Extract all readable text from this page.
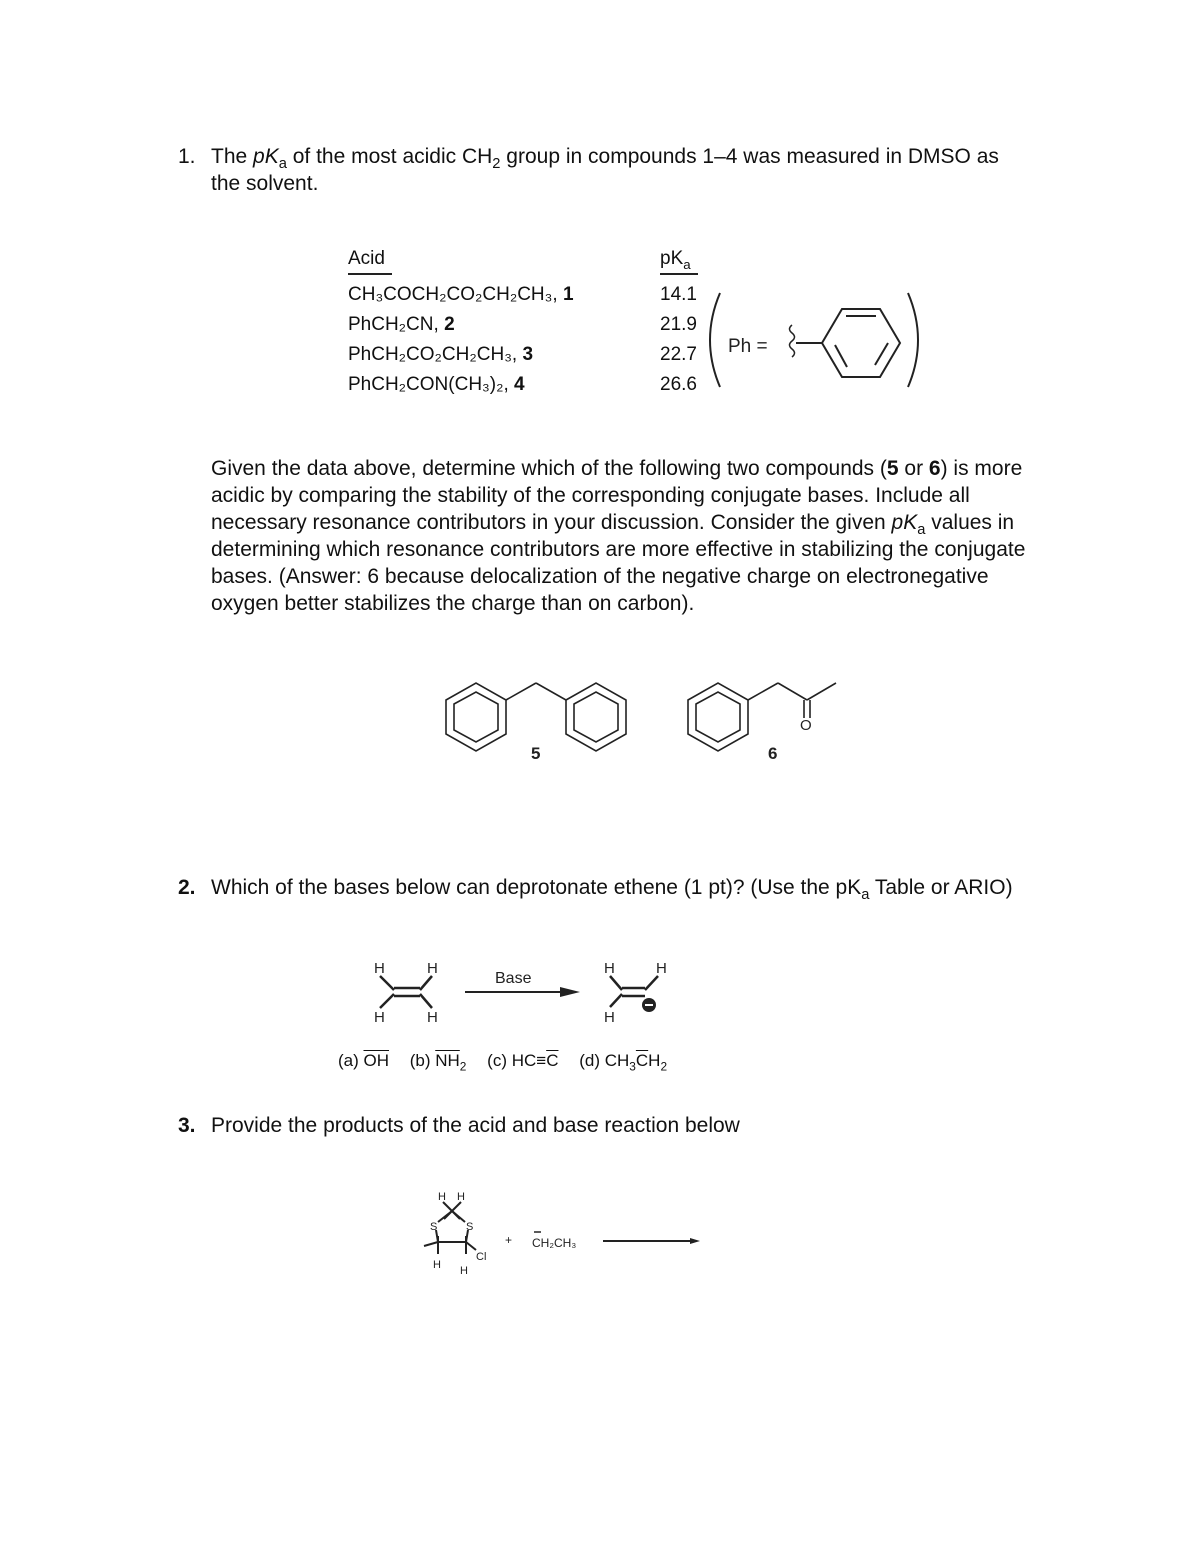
1. The $pK_a$ of the most acidic $CH_2$ group in compounds 1–4 was measured in DMSO as the solvent.
Acid	$pK_a$
CH₃COCH₂CO₂CH₂CH₃, 1	14.1
PhCH₂CN, 2	21.9
PhCH₂CO₂CH₂CH₃, 3	22.7
PhCH₂CON(CH₃)₂, 4	26.6
Ph =
Given the data above, determine which of the following two compounds (5 or 6) is more acidic by comparing the stability of the corresponding conjugate bases. Include all necessary resonance contributors in your discussion. Consider the given $pK_a$ values in determining which resonance contributors are more effective in stabilizing the conjugate bases. (Answer: 6 because delocalization of the negative charge on electronegative oxygen better stabilizes the charge than on carbon).
5
O
6
2. Which of the bases below can deprotonate ethene (1 pt)? (Use the $pK_a$ Table or ARIO)
H	H
H	H
Base
H	H
H
(a) $\overline{OH}$ (b) $\overline{NH}_2$ (c) $HC\equiv\overline{C}$ (d) $CH_3\overline{C}H_2$
3. Provide the products of the acid and base reaction below
H H
S	S
Cl
H H
+ CH₂CH₃
